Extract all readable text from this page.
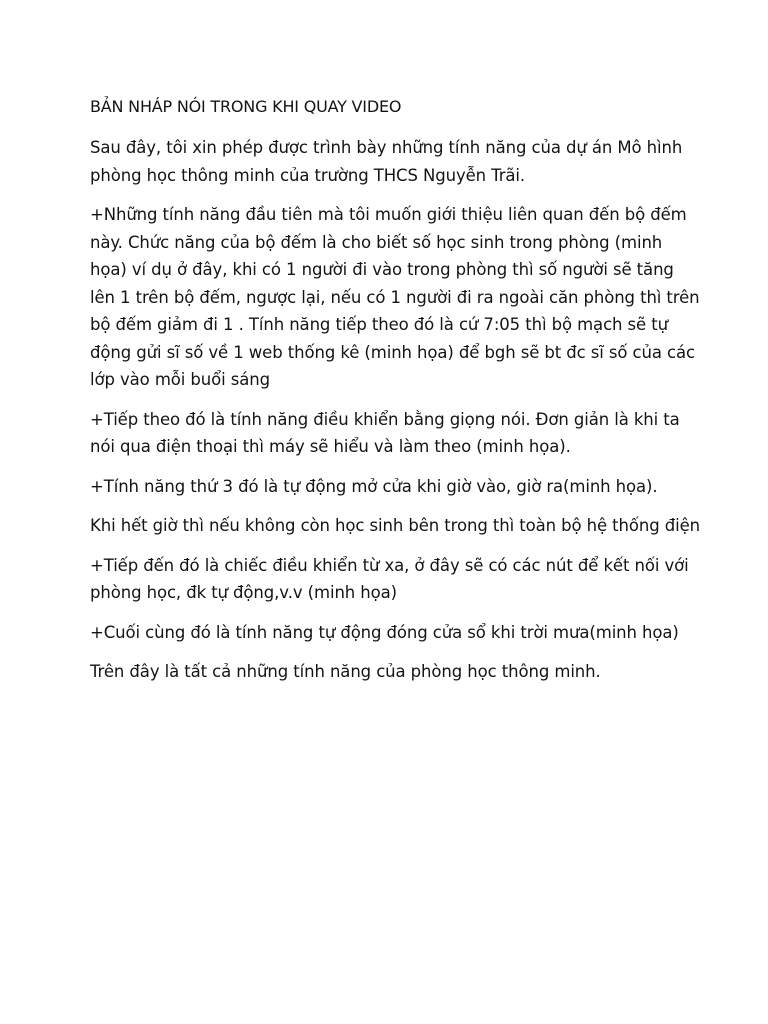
BẢN NHÁP NÓI TRONG KHI QUAY VIDEO

Sau đây, tôi xin phép được trình bày những tính năng của dự án Mô hình phòng học thông minh của trường THCS Nguyễn Trãi.

+Những tính năng đầu tiên mà tôi muốn giới thiệu liên quan đến bộ đếm này. Chức năng của bộ đếm là cho biết số học sinh trong phòng (minh họa) ví dụ ở đây, khi có 1 người đi vào trong phòng thì số người sẽ tăng lên 1 trên bộ đếm, ngược lại, nếu có 1 người đi ra ngoài căn phòng thì trên bộ đếm giảm đi 1 . Tính năng tiếp theo đó là cứ 7:05 thì bộ mạch sẽ tự động gửi sĩ số về 1 web thống kê (minh họa) để bgh sẽ bt đc sĩ số của các lớp vào mỗi buổi sáng

+Tiếp theo đó là tính năng điều khiển bằng giọng nói. Đơn giản là khi ta nói qua điện thoại thì máy sẽ hiểu và làm theo (minh họa).

+Tính năng thứ 3 đó là tự động mở cửa khi giờ vào, giờ ra(minh họa).

Khi hết giờ thì nếu không còn học sinh bên trong thì toàn bộ hệ thống điện

+Tiếp đến đó là chiếc điều khiển từ xa, ở đây sẽ có các nút để kết nối với phòng học, đk tự động,v.v (minh họa)

+Cuối cùng đó là tính năng tự động đóng cửa sổ khi trời mưa(minh họa)

Trên đây là tất cả những tính năng của phòng học thông minh.
